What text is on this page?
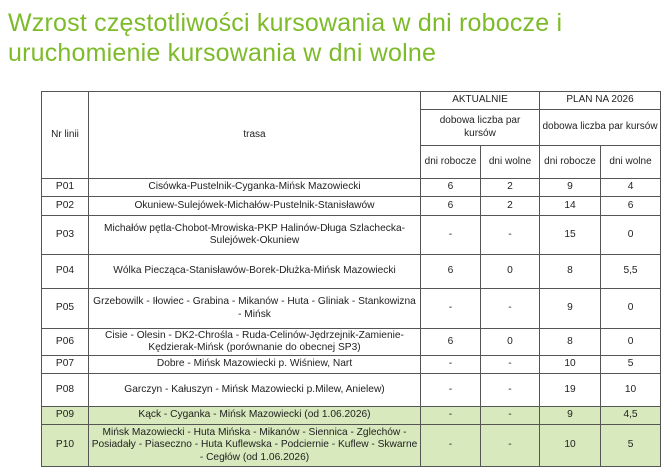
Wzrost częstotliwości kursowania w dni robocze i uruchomienie kursowania w dni wolne
Nr linii	trasa	AKTUALNIE		PLAN NA 2026	
		dobowa liczba par kursów		dobowa liczba par kursów	
		dni robocze	dni wolne	dni robocze	dni wolne
P01	Cisówka-Pustelnik-Cyganka-Mińsk Mazowiecki	6	2	9	4
P02	Okuniew-Sulejówek-Michałów-Pustelnik-Stanisławów	6	2	14	6
P03	Michałów pętla-Chobot-Mrowiska-PKP Halinów-Długa Szlachecka-Sulejówek-Okuniew	-	-	15	0
P04	Wólka Piecząca-Stanisławów-Borek-Dłużka-Mińsk Mazowiecki	6	0	8	5,5
P05	Grzebowilk - Iłowiec - Grabina - Mikanów - Huta - Gliniak - Stankowizna - Mińsk	-	-	9	0
P06	Cisie - Olesin - DK2-Chrośla - Ruda-Celinów-Jędrzejnik-Zamienie-Kędzierak-Mińsk (porównanie do obecnej SP3)	6	0	8	0
P07	Dobre - Mińsk Mazowiecki p. Wiśniew, Nart	-	-	10	5
P08	Garczyn - Kałuszyn - Mińsk Mazowiecki p.Milew, Anielew)	-	-	19	10
P09	Kąck - Cyganka - Mińsk Mazowiecki (od 1.06.2026)	-	-	9	4,5
P10	Mińsk Mazowiecki - Huta Mińska - Mikanów - Siennica - Zglechów - Posiadały - Piaseczno - Huta Kuflewska - Podciernie - Kuflew - Skwarne - Cegłów (od 1.06.2026)	-	-	10	5
